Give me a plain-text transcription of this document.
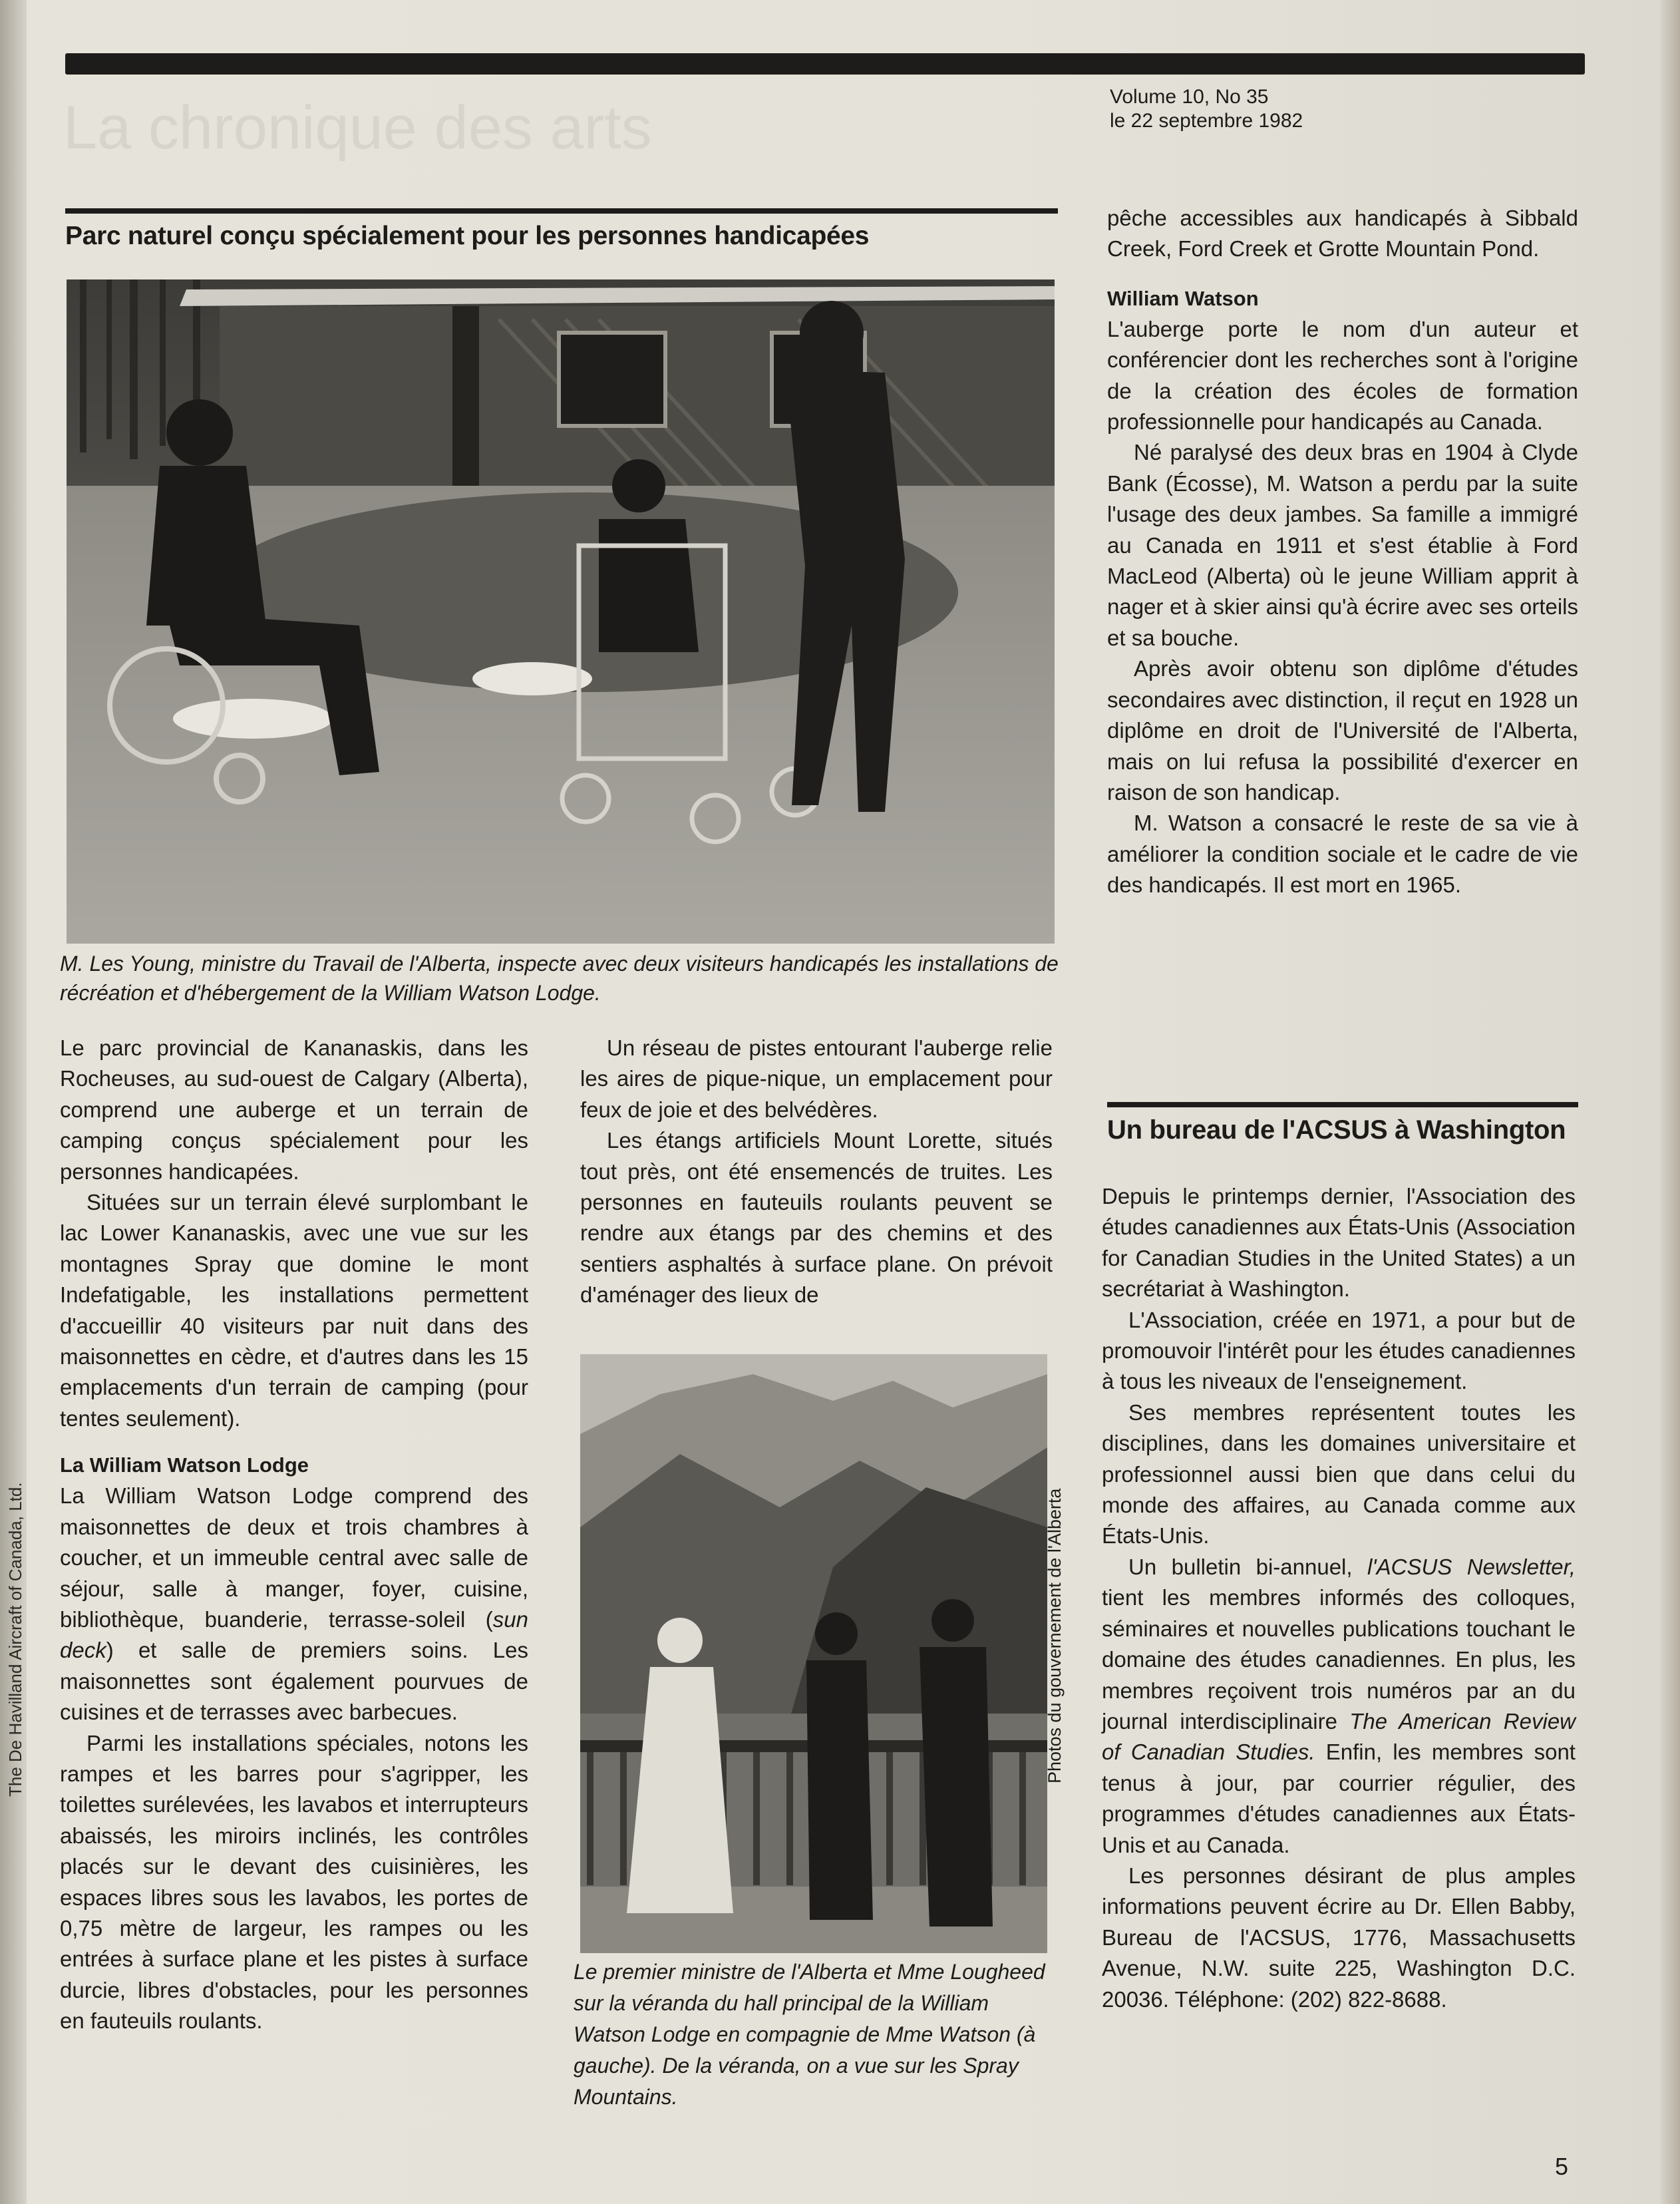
La chronique des arts	Volume 10, No 35
le 22 septembre 1982
Parc naturel conçu spécialement pour les personnes handicapées
M. Les Young, ministre du Travail de l'Alberta, inspecte avec deux visiteurs handicapés les installations de récréation et d'hébergement de la William Watson Lodge.

Le parc provincial de Kananaskis, dans les Rocheuses, au sud-ouest de Calgary (Alberta), comprend une auberge et un terrain de camping conçus spécialement pour les personnes handicapées.

Situées sur un terrain élevé surplombant le lac Lower Kananaskis, avec une vue sur les montagnes Spray que domine le mont Indefatigable, les installations permettent d'accueillir 40 visiteurs par nuit dans des maisonnettes en cèdre, et d'autres dans les 15 emplacements d'un terrain de camping (pour tentes seulement).

La William Watson Lodge

La William Watson Lodge comprend des maisonnettes de deux et trois chambres à coucher, et un immeuble central avec salle de séjour, salle à manger, foyer, cuisine, bibliothèque, buanderie, terrasse-soleil (sun deck) et salle de premiers soins. Les maisonnettes sont également pourvues de cuisines et de terrasses avec barbecues.

Parmi les installations spéciales, notons les rampes et les barres pour s'agripper, les toilettes surélevées, les lavabos et interrupteurs abaissés, les miroirs inclinés, les contrôles placés sur le devant des cuisinières, les espaces libres sous les lavabos, les portes de 0,75 mètre de largeur, les rampes ou les entrées à surface plane et les pistes à surface durcie, libres d'obstacles, pour les personnes en fauteuils roulants.

Un réseau de pistes entourant l'auberge relie les aires de pique-nique, un emplacement pour feux de joie et des belvédères.

Les étangs artificiels Mount Lorette, situés tout près, ont été ensemencés de truites. Les personnes en fauteuils roulants peuvent se rendre aux étangs par des chemins et des sentiers asphaltés à surface plane. On prévoit d'aménager des lieux de

Le premier ministre de l'Alberta et Mme Lougheed sur la véranda du hall principal de la William Watson Lodge en compagnie de Mme Watson (à gauche). De la véranda, on a vue sur les Spray Mountains.
Photos du gouvernement de l'Alberta
The De Havilland Aircraft of Canada, Ltd.

pêche accessibles aux handicapés à Sibbald Creek, Ford Creek et Grotte Mountain Pond.

William Watson

L'auberge porte le nom d'un auteur et conférencier dont les recherches sont à l'origine de la création des écoles de formation professionnelle pour handicapés au Canada.

Né paralysé des deux bras en 1904 à Clyde Bank (Écosse), M. Watson a perdu par la suite l'usage des deux jambes. Sa famille a immigré au Canada en 1911 et s'est établie à Ford MacLeod (Alberta) où le jeune William apprit à nager et à skier ainsi qu'à écrire avec ses orteils et sa bouche.

Après avoir obtenu son diplôme d'études secondaires avec distinction, il reçut en 1928 un diplôme en droit de l'Université de l'Alberta, mais on lui refusa la possibilité d'exercer en raison de son handicap.

M. Watson a consacré le reste de sa vie à améliorer la condition sociale et le cadre de vie des handicapés. Il est mort en 1965.

Un bureau de l'ACSUS à Washington

Depuis le printemps dernier, l'Association des études canadiennes aux États-Unis (Association for Canadian Studies in the United States) a un secrétariat à Washington.

L'Association, créée en 1971, a pour but de promouvoir l'intérêt pour les études canadiennes à tous les niveaux de l'enseignement.

Ses membres représentent toutes les disciplines, dans les domaines universitaire et professionnel aussi bien que dans celui du monde des affaires, au Canada comme aux États-Unis.

Un bulletin bi-annuel, l'ACSUS Newsletter, tient les membres informés des colloques, séminaires et nouvelles publications touchant le domaine des études canadiennes. En plus, les membres reçoivent trois numéros par an du journal interdisciplinaire The American Review of Canadian Studies. Enfin, les membres sont tenus à jour, par courrier régulier, des programmes d'études canadiennes aux États-Unis et au Canada.

Les personnes désirant de plus amples informations peuvent écrire au Dr. Ellen Babby, Bureau de l'ACSUS, 1776, Massachusetts Avenue, N.W. suite 225, Washington D.C. 20036. Téléphone: (202) 822-8688.

5
